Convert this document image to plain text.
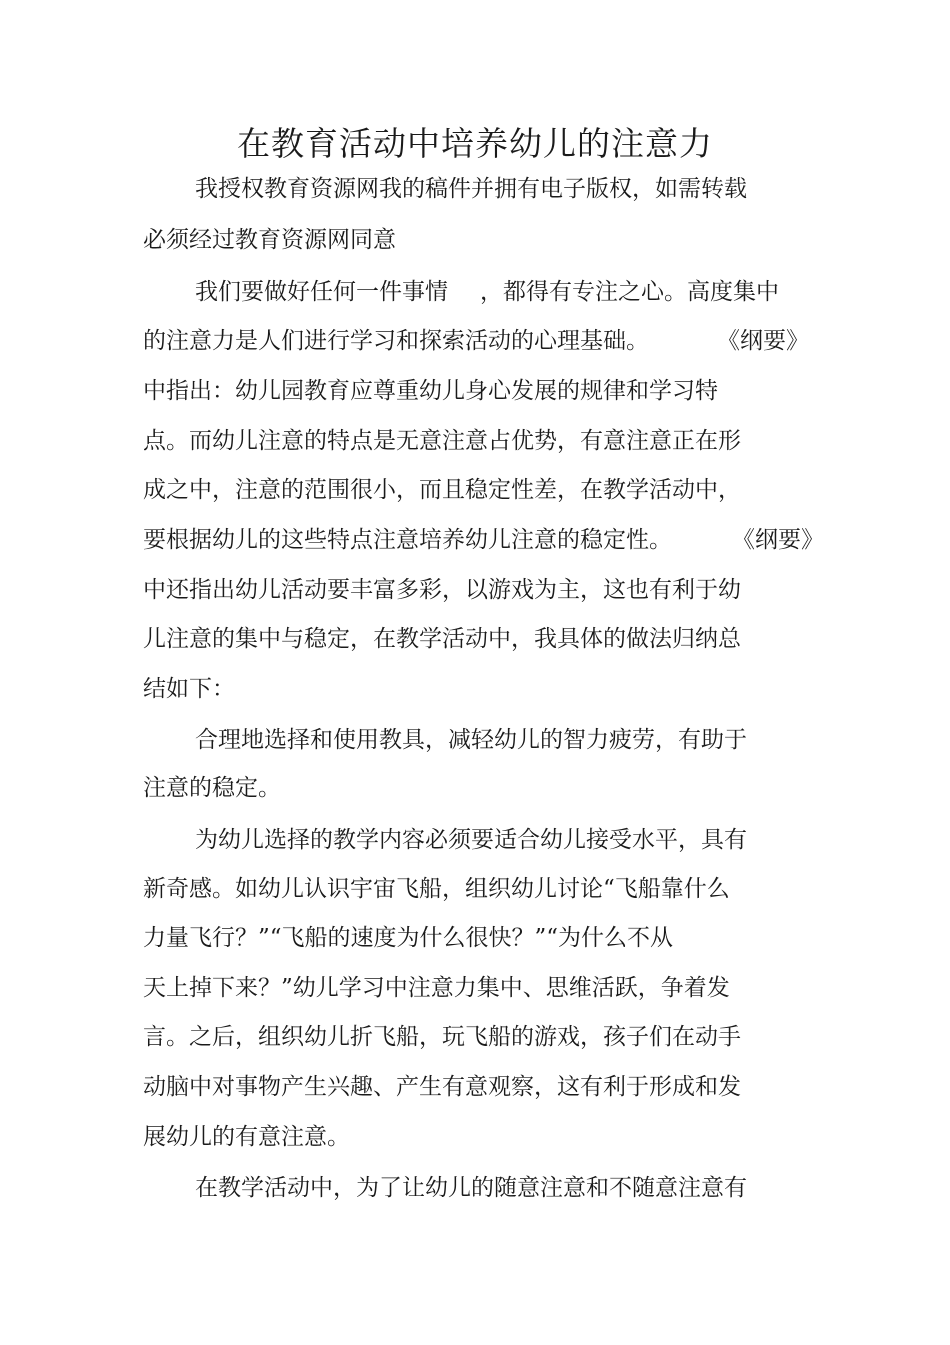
在教育活动中培养幼儿的注意力
我授权教育资源网我的稿件并拥有电子版权，如需转载
必须经过教育资源网同意
我们要做好任何一件事情 ，都得有专注之心。高度集中
的注意力是人们进行学习和探索活动的心理基础。	《纲要》
中指出：幼儿园教育应尊重幼儿身心发展的规律和学习特
点。而幼儿注意的特点是无意注意占优势，有意注意正在形
成之中，注意的范围很小，而且稳定性差，在教学活动中，
要根据幼儿的这些特点注意培养幼儿注意的稳定性。	《纲要》
中还指出幼儿活动要丰富多彩，以游戏为主，这也有利于幼
儿注意的集中与稳定，在教学活动中，我具体的做法归纳总
结如下：
合理地选择和使用教具，减轻幼儿的智力疲劳，有助于
注意的稳定。
为幼儿选择的教学内容必须要适合幼儿接受水平，具有
新奇感。如幼儿认识宇宙飞船，组织幼儿讨论“飞船靠什么
力量飞行？”“飞船的速度为什么很快？”“为什么不从
天上掉下来？”幼儿学习中注意力集中、思维活跃，争着发
言。之后，组织幼儿折飞船，玩飞船的游戏，孩子们在动手
动脑中对事物产生兴趣、产生有意观察，这有利于形成和发
展幼儿的有意注意。
在教学活动中，为了让幼儿的随意注意和不随意注意有
